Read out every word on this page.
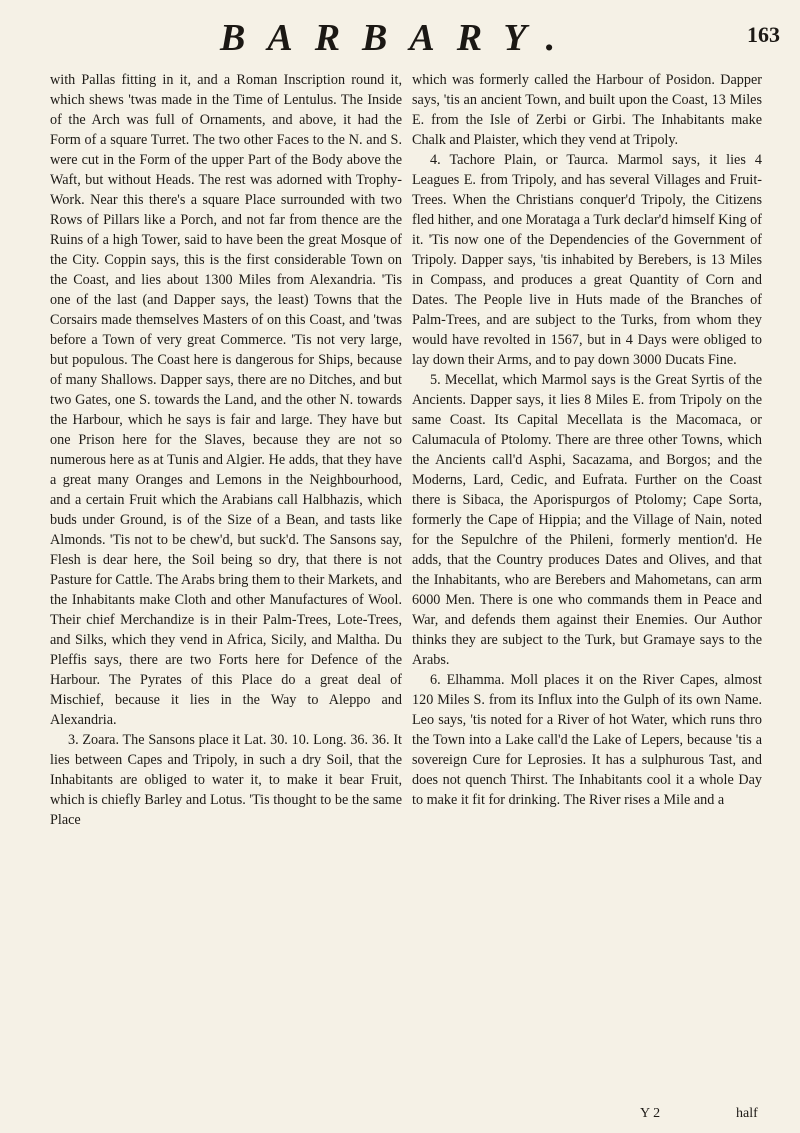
BARBARY.	163

with Pallas fitting in it, and a Roman Inscription round it, which shews 'twas made in the Time of Lentulus. The Inside of the Arch was full of Ornaments, and above, it had the Form of a square Turret. The two other Faces to the N. and S. were cut in the Form of the upper Part of the Body above the Waft, but without Heads. The rest was adorned with Trophy-Work. Near this there's a square Place surrounded with two Rows of Pillars like a Porch, and not far from thence are the Ruins of a high Tower, said to have been the great Mosque of the City. Coppin says, this is the first considerable Town on the Coast, and lies about 1300 Miles from Alexandria. 'Tis one of the last (and Dapper says, the least) Towns that the Corsairs made themselves Masters of on this Coast, and 'twas before a Town of very great Commerce. 'Tis not very large, but populous. The Coast here is dangerous for Ships, because of many Shallows. Dapper says, there are no Ditches, and but two Gates, one S. towards the Land, and the other N. towards the Harbour, which he says is fair and large. They have but one Prison here for the Slaves, because they are not so numerous here as at Tunis and Algier. He adds, that they have a great many Oranges and Lemons in the Neighbourhood, and a certain Fruit which the Arabians call Halbhazis, which buds under Ground, is of the Size of a Bean, and tasts like Almonds. 'Tis not to be chew'd, but suck'd. The Sansons say, Flesh is dear here, the Soil being so dry, that there is not Pasture for Cattle. The Arabs bring them to their Markets, and the Inhabitants make Cloth and other Manufactures of Wool. Their chief Merchandize is in their Palm-Trees, Lote-Trees, and Silks, which they vend in Africa, Sicily, and Maltha. Du Pleffis says, there are two Forts here for Defence of the Harbour. The Pyrates of this Place do a great deal of Mischief, because it lies in the Way to Aleppo and Alexandria.

3. Zoara. The Sansons place it Lat. 30. 10. Long. 36. 36. It lies between Capes and Tripoly, in such a dry Soil, that the Inhabitants are obliged to water it, to make it bear Fruit, which is chiefly Barley and Lotus. 'Tis thought to be the same Place

which was formerly called the Harbour of Posidon. Dapper says, 'tis an ancient Town, and built upon the Coast, 13 Miles E. from the Isle of Zerbi or Girbi. The Inhabitants make Chalk and Plaister, which they vend at Tripoly.

4. Tachore Plain, or Taurca. Marmol says, it lies 4 Leagues E. from Tripoly, and has several Villages and Fruit-Trees. When the Christians conquer'd Tripoly, the Citizens fled hither, and one Morataga a Turk declar'd himself King of it. 'Tis now one of the Dependencies of the Government of Tripoly. Dapper says, 'tis inhabited by Berebers, is 13 Miles in Compass, and produces a great Quantity of Corn and Dates. The People live in Huts made of the Branches of Palm-Trees, and are subject to the Turks, from whom they would have revolted in 1567, but in 4 Days were obliged to lay down their Arms, and to pay down 3000 Ducats Fine.

5. Mecellat, which Marmol says is the Great Syrtis of the Ancients. Dapper says, it lies 8 Miles E. from Tripoly on the same Coast. Its Capital Mecellata is the Macomaca, or Calumacula of Ptolomy. There are three other Towns, which the Ancients call'd Asphi, Sacazama, and Borgos; and the Moderns, Lard, Cedic, and Eufrata. Further on the Coast there is Sibaca, the Aporispurgos of Ptolomy; Cape Sorta, formerly the Cape of Hippia; and the Village of Nain, noted for the Sepulchre of the Phileni, formerly mention'd. He adds, that the Country produces Dates and Olives, and that the Inhabitants, who are Berebers and Mahometans, can arm 6000 Men. There is one who commands them in Peace and War, and defends them against their Enemies. Our Author thinks they are subject to the Turk, but Gramaye says to the Arabs.

6. Elhamma. Moll places it on the River Capes, almost 120 Miles S. from its Influx into the Gulph of its own Name. Leo says, 'tis noted for a River of hot Water, which runs thro the Town into a Lake call'd the Lake of Lepers, because 'tis a sovereign Cure for Leprosies. It has a sulphurous Tast, and does not quench Thirst. The Inhabitants cool it a whole Day to make it fit for drinking. The River rises a Mile and a

Y 2	half
